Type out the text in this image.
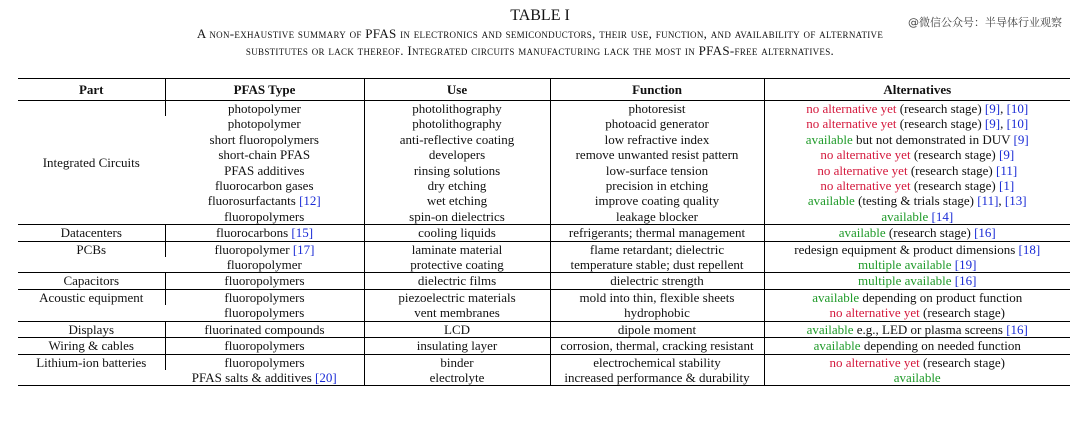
@微信公众号：半导体行业观察
TABLE I
A non-exhaustive summary of PFAS in electronics and semiconductors, their use, function, and availability of alternative
substitutes or lack thereof. Integrated circuits manufacturing lack the most in PFAS-free alternatives.
Part	PFAS Type	Use	Function	Alternatives
Integrated Circuits	photopolymer	photolithography	photoresist	no alternative yet (research stage) [9], [10]
	photopolymer	photolithography	photoacid generator	no alternative yet (research stage) [9], [10]
	short fluoropolymers	anti-reflective coating	low refractive index	available but not demonstrated in DUV [9]
	short-chain PFAS	developers	remove unwanted resist pattern	no alternative yet (research stage) [9]
	PFAS additives	rinsing solutions	low-surface tension	no alternative yet (research stage) [11]
	fluorocarbon gases	dry etching	precision in etching	no alternative yet (research stage) [1]
	fluorosurfactants [12]	wet etching	improve coating quality	available (testing & trials stage) [11], [13]
	fluoropolymers	spin-on dielectrics	leakage blocker	available [14]
Datacenters	fluorocarbons [15]	cooling liquids	refrigerants; thermal management	available (research stage) [16]
PCBs	fluoropolymer [17]	laminate material	flame retardant; dielectric	redesign equipment & product dimensions [18]
	fluoropolymer	protective coating	temperature stable; dust repellent	multiple available [19]
Capacitors	fluoropolymers	dielectric films	dielectric strength	multiple available [16]
Acoustic equipment	fluoropolymers	piezoelectric materials	mold into thin, flexible sheets	available depending on product function
	fluoropolymers	vent membranes	hydrophobic	no alternative yet (research stage)
Displays	fluorinated compounds	LCD	dipole moment	available e.g., LED or plasma screens [16]
Wiring & cables	fluoropolymers	insulating layer	corrosion, thermal, cracking resistant	available depending on needed function
Lithium-ion batteries	fluoropolymers	binder	electrochemical stability	no alternative yet (research stage)
	PFAS salts & additives [20]	electrolyte	increased performance & durability	available
